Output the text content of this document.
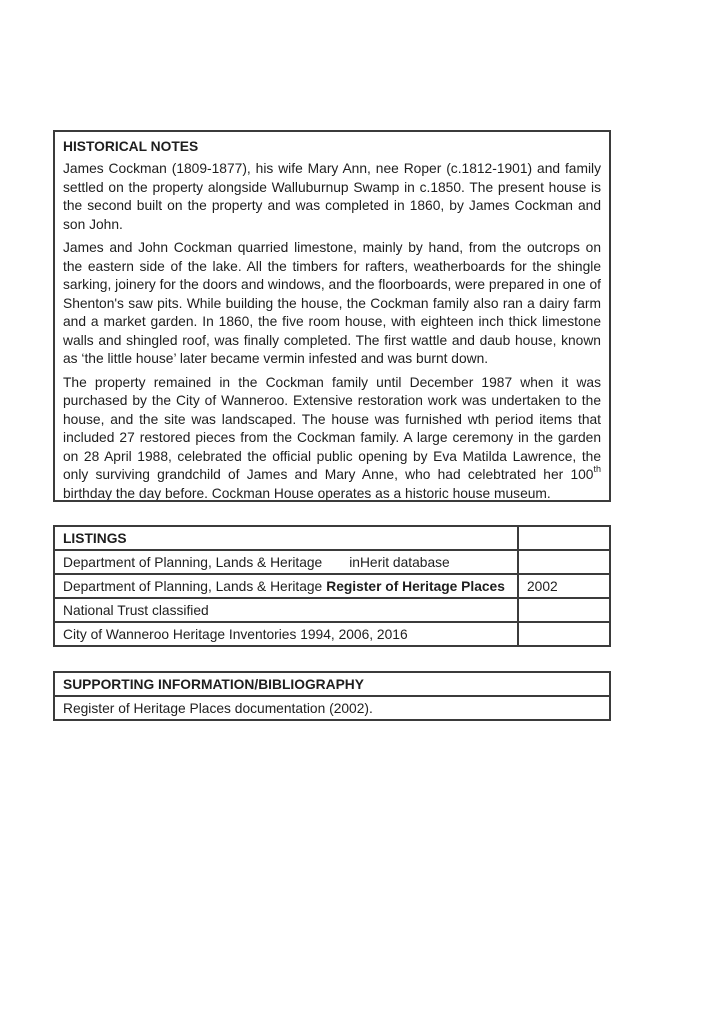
HISTORICAL NOTES

James Cockman (1809-1877), his wife Mary Ann, nee Roper (c.1812-1901) and family settled on the property alongside Walluburnup Swamp in c.1850. The present house is the second built on the property and was completed in 1860, by James Cockman and son John.

James and John Cockman quarried limestone, mainly by hand, from the outcrops on the eastern side of the lake. All the timbers for rafters, weatherboards for the shingle sarking, joinery for the doors and windows, and the floorboards, were prepared in one of Shenton's saw pits. While building the house, the Cockman family also ran a dairy farm and a market garden. In 1860, the five room house, with eighteen inch thick limestone walls and shingled roof, was finally completed. The first wattle and daub house, known as ‘the little house’ later became vermin infested and was burnt down.

The property remained in the Cockman family until December 1987 when it was purchased by the City of Wanneroo. Extensive restoration work was undertaken to the house, and the site was landscaped. The house was furnished wth period items that included 27 restored pieces from the Cockman family. A large ceremony in the garden on 28 April 1988, celebrated the official public opening by Eva Matilda Lawrence, the only surviving grandchild of James and Mary Anne, who had celebtrated her 100th birthday the day before. Cockman House operates as a historic house museum.

LISTINGS	
Department of Planning, Lands & Heritage inHerit database	
Department of Planning, Lands & Heritage Register of Heritage Places	2002
National Trust classified	
City of Wanneroo Heritage Inventories 1994, 2006, 2016	
SUPPORTING INFORMATION/BIBLIOGRAPHY
Register of Heritage Places documentation (2002).
